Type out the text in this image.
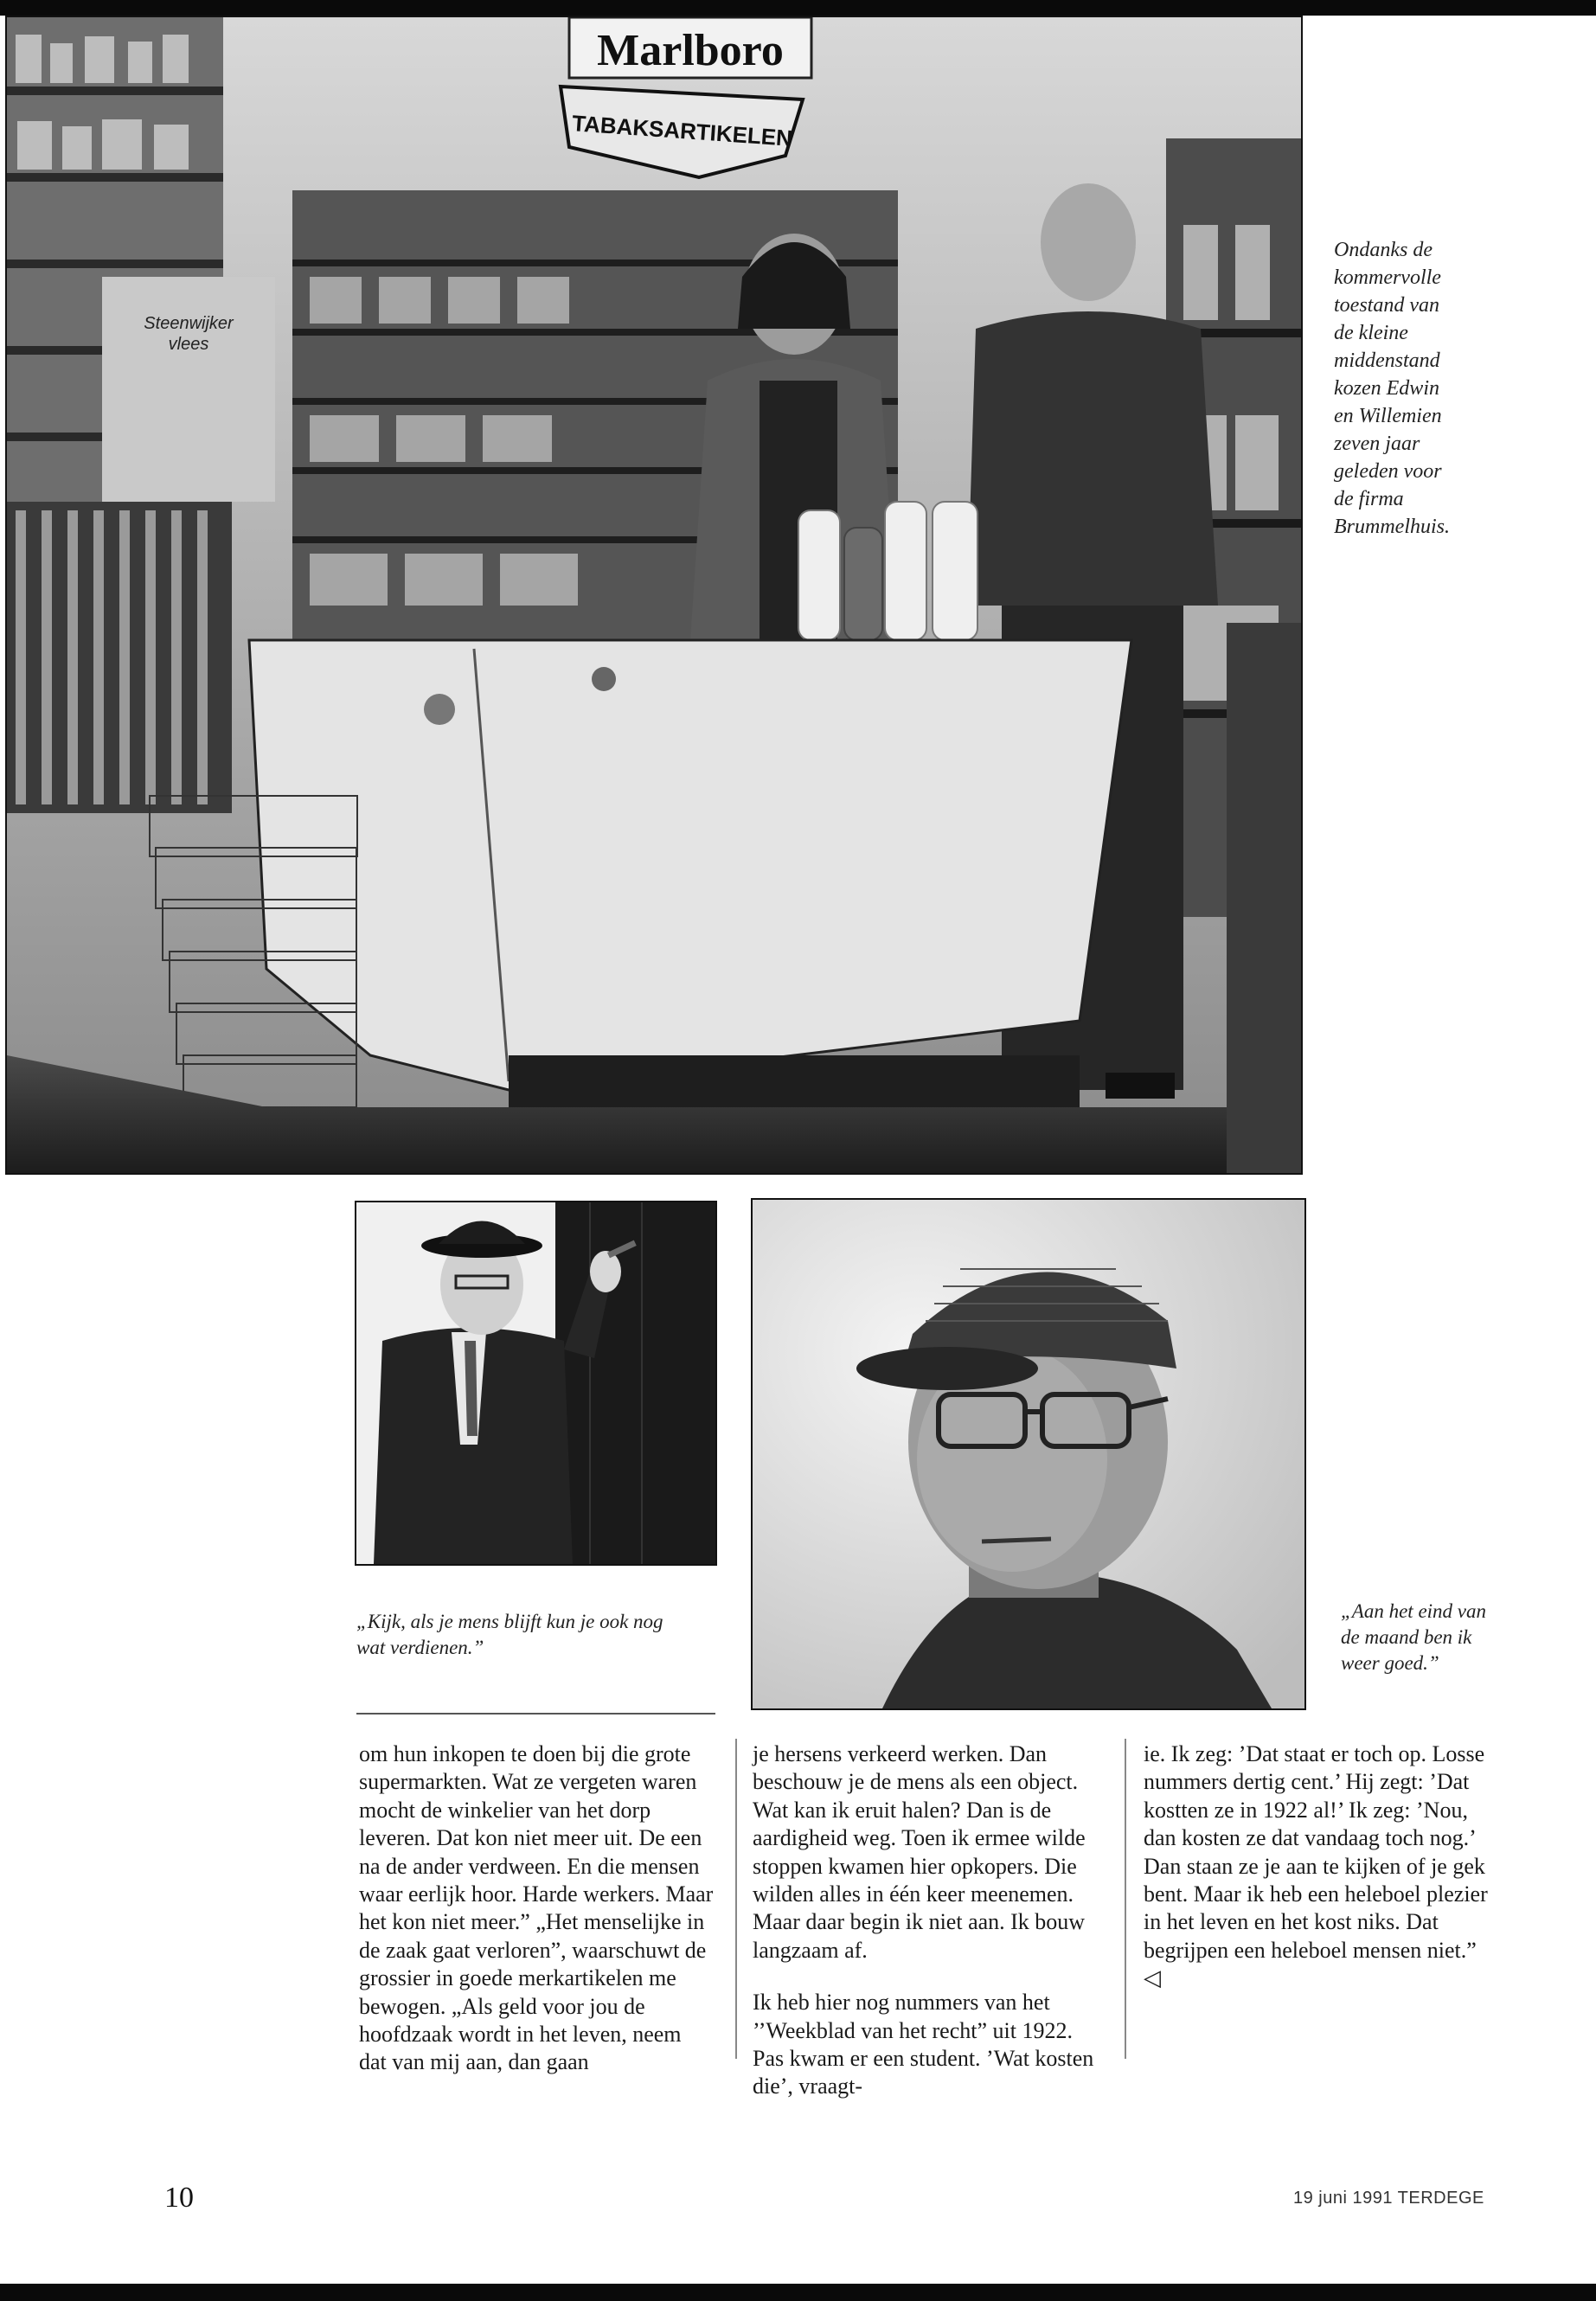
Steenwijker vlees
Marlboro
TABAKSARTIKELEN
Ondanks de kommervolle toestand van de kleine middenstand kozen Edwin en Willemien zeven jaar geleden voor de firma Brummelhuis.
„Kijk, als je mens blijft kun je ook nog wat verdienen.”
„Aan het eind van de maand ben ik weer goed.”

om hun inkopen te doen bij die grote supermarkten. Wat ze vergeten waren mocht de winkelier van het dorp leveren. Dat kon niet meer uit. De een na de ander verdween. En die mensen waar eerlijk hoor. Harde werkers. Maar het kon niet meer.” „Het menselijke in de zaak gaat verloren”, waarschuwt de grossier in goede merkartikelen me bewogen. „Als geld voor jou de hoofdzaak wordt in het leven, neem dat van mij aan, dan gaan

je hersens verkeerd werken. Dan beschouw je de mens als een object. Wat kan ik eruit halen? Dan is de aardigheid weg. Toen ik ermee wilde stoppen kwamen hier opkopers. Die wilden alles in één keer meenemen. Maar daar begin ik niet aan. Ik bouw langzaam af.

Ik heb hier nog nummers van het ’’Weekblad van het recht” uit 1922. Pas kwam er een student. ’Wat kosten die’, vraagt-

ie. Ik zeg: ’Dat staat er toch op. Losse nummers dertig cent.’ Hij zegt: ’Dat kostten ze in 1922 al!’ Ik zeg: ’Nou, dan kosten ze dat vandaag toch nog.’ Dan staan ze je aan te kijken of je gek bent. Maar ik heb een heleboel plezier in het leven en het kost niks. Dat begrijpen een heleboel mensen niet.” ◁

10	19 juni 1991 TERDEGE
